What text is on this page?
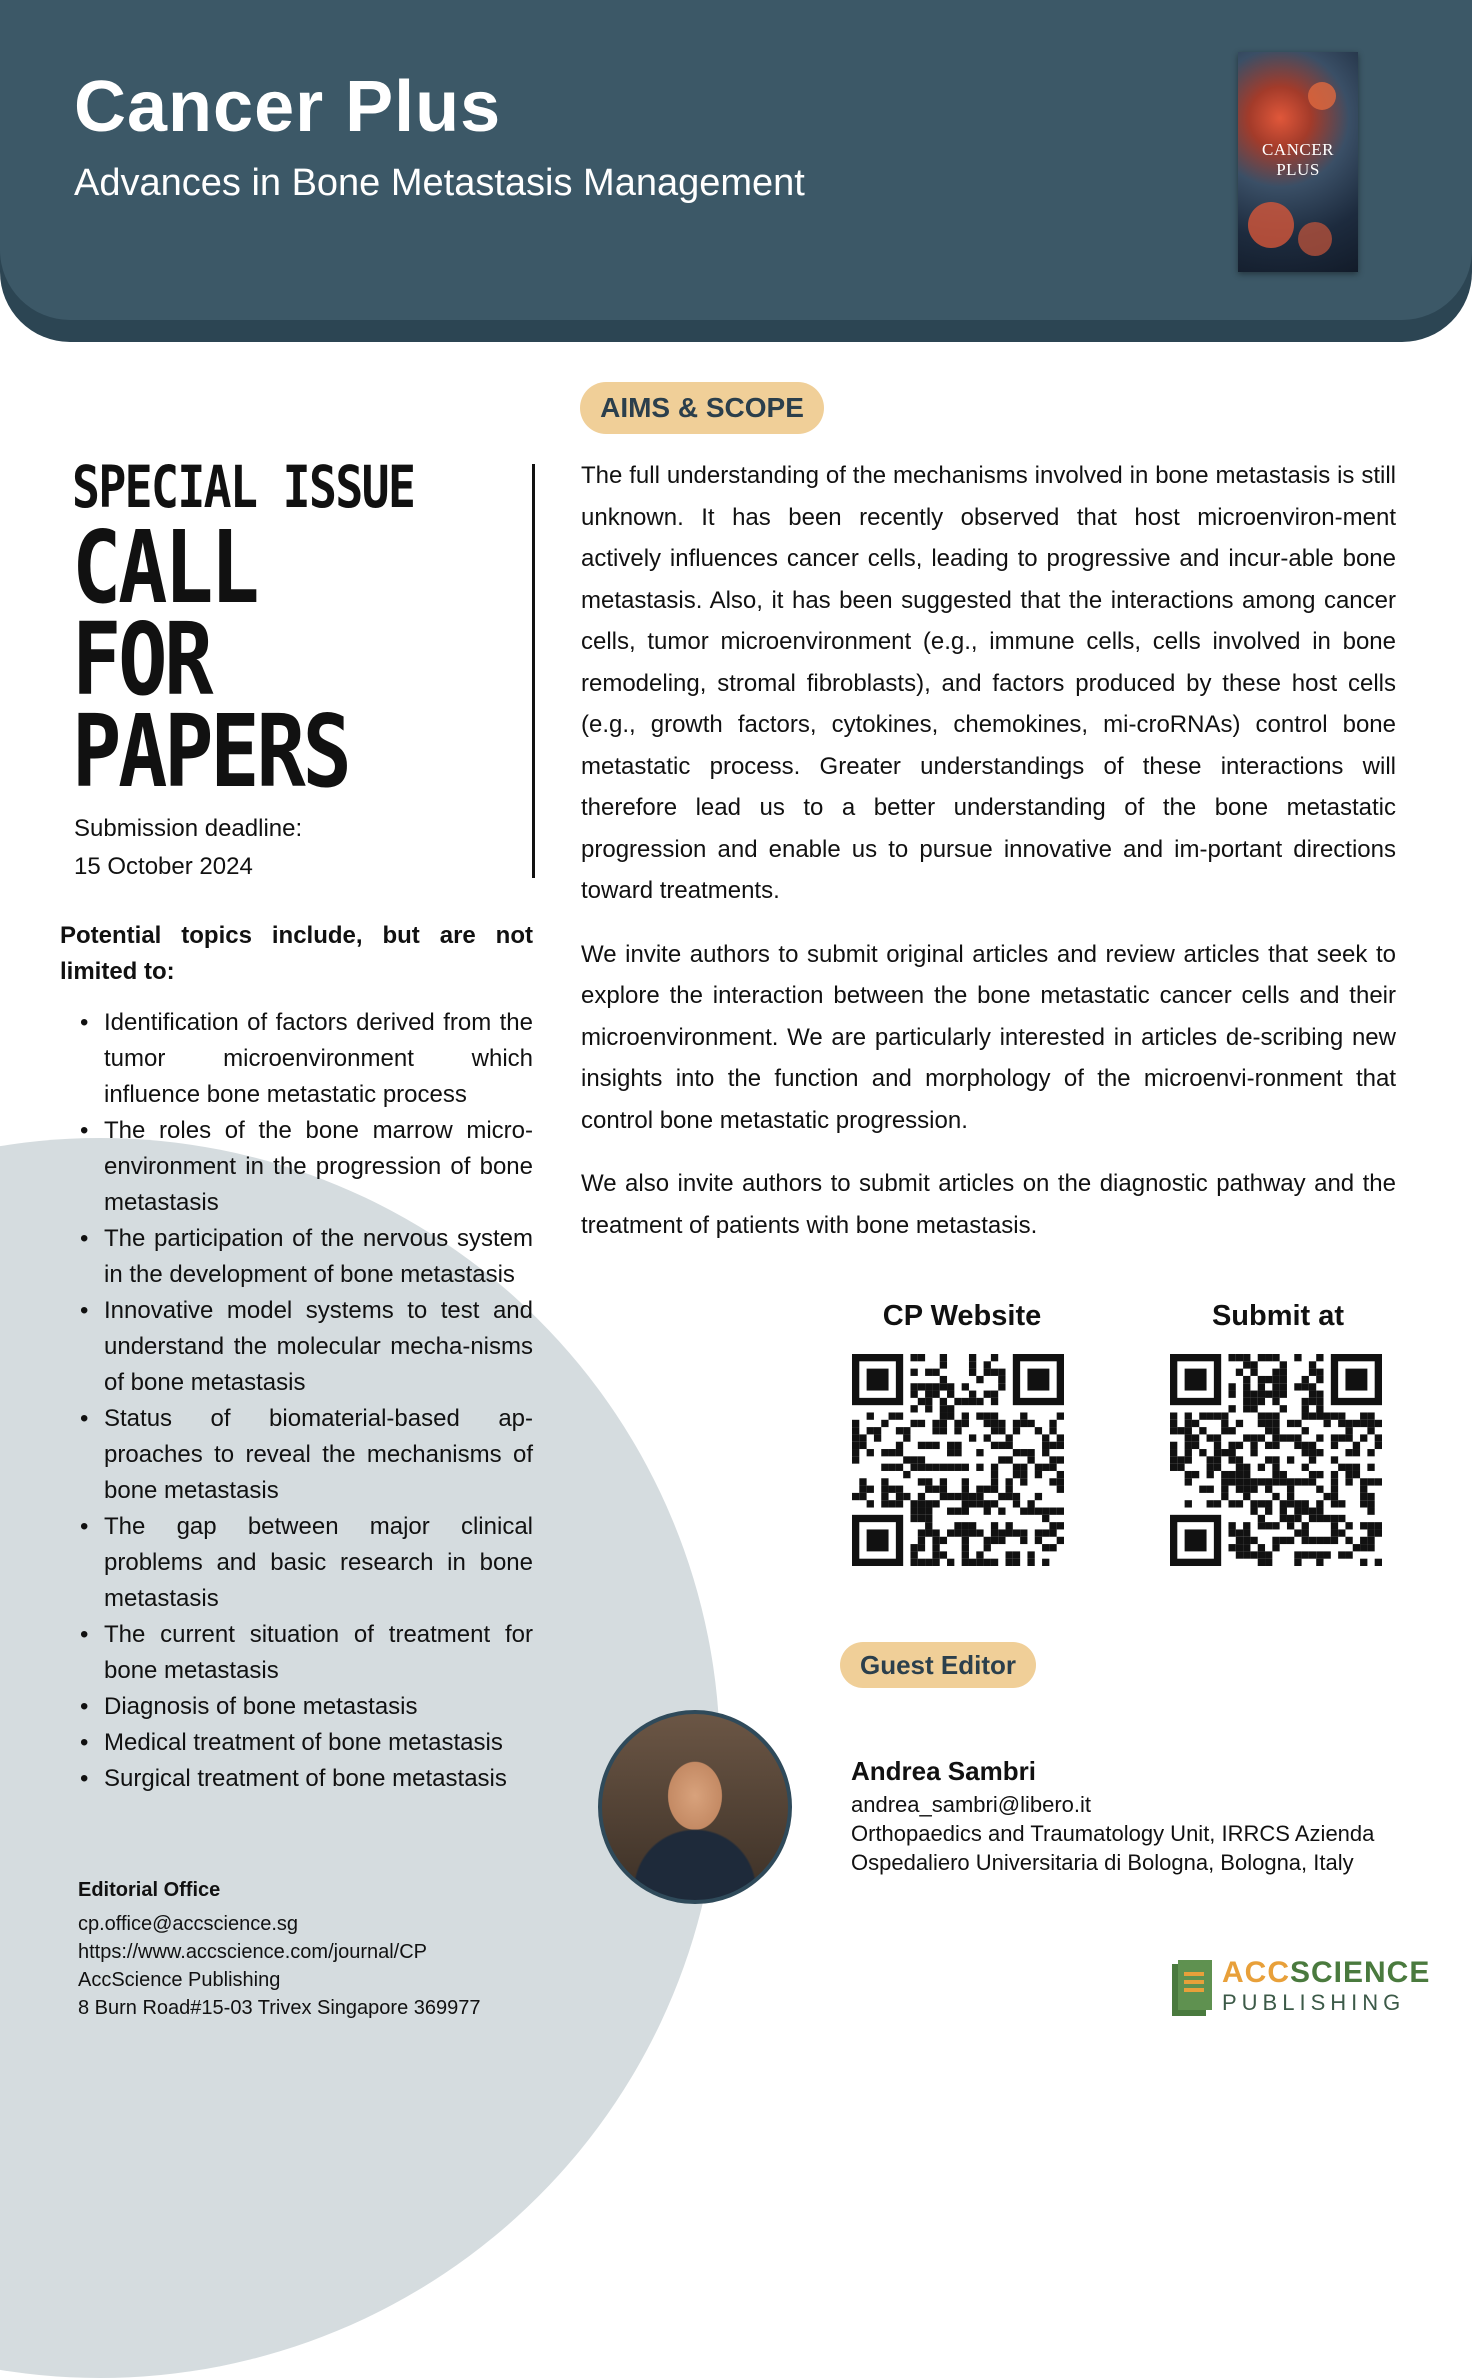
Cancer Plus
Advances in Bone Metastasis Management
CANCER PLUS
AIMS & SCOPE
SPECIAL ISSUE
CALL
FOR
PAPERS
Submission deadline:
15 October 2024
Potential topics include, but are not limited to:
• Identification of factors derived from the tumor microenvironment which influence bone metastatic process
• The roles of the bone marrow micro-environment in the progression of bone metastasis
• The participation of the nervous system in the development of bone metastasis
• Innovative model systems to test and understand the molecular mecha-nisms of bone metastasis
• Status of biomaterial-based ap-proaches to reveal the mechanisms of bone metastasis
• The gap between major clinical problems and basic research in bone metastasis
• The current situation of treatment for bone metastasis
• Diagnosis of bone metastasis
• Medical treatment of bone metastasis
• Surgical treatment of bone metastasis
Editorial Office
cp.office@accscience.sg
https://www.accscience.com/journal/CP
AccScience Publishing
8 Burn Road#15-03 Trivex Singapore 369977

The full understanding of the mechanisms involved in bone metastasis is still unknown. It has been recently observed that host microenviron-ment actively influences cancer cells, leading to progressive and incur-able bone metastasis. Also, it has been suggested that the interactions among cancer cells, tumor microenvironment (e.g., immune cells, cells involved in bone remodeling, stromal fibroblasts), and factors produced by these host cells (e.g., growth factors, cytokines, chemokines, mi-croRNAs) control bone metastatic process. Greater understandings of these interactions will therefore lead us to a better understanding of the bone metastatic progression and enable us to pursue innovative and im-portant directions toward treatments.

We invite authors to submit original articles and review articles that seek to explore the interaction between the bone metastatic cancer cells and their microenvironment. We are particularly interested in articles de-scribing new insights into the function and morphology of the microenvi-ronment that control bone metastatic progression.

We also invite authors to submit articles on the diagnostic pathway and the treatment of patients with bone metastasis.

CP Website	Submit at
Guest Editor
Andrea Sambri
andrea_sambri@libero.it
Orthopaedics and Traumatology Unit, IRRCS Azienda
Ospedaliero Universitaria di Bologna, Bologna, Italy
ACCSCIENCE
PUBLISHING
